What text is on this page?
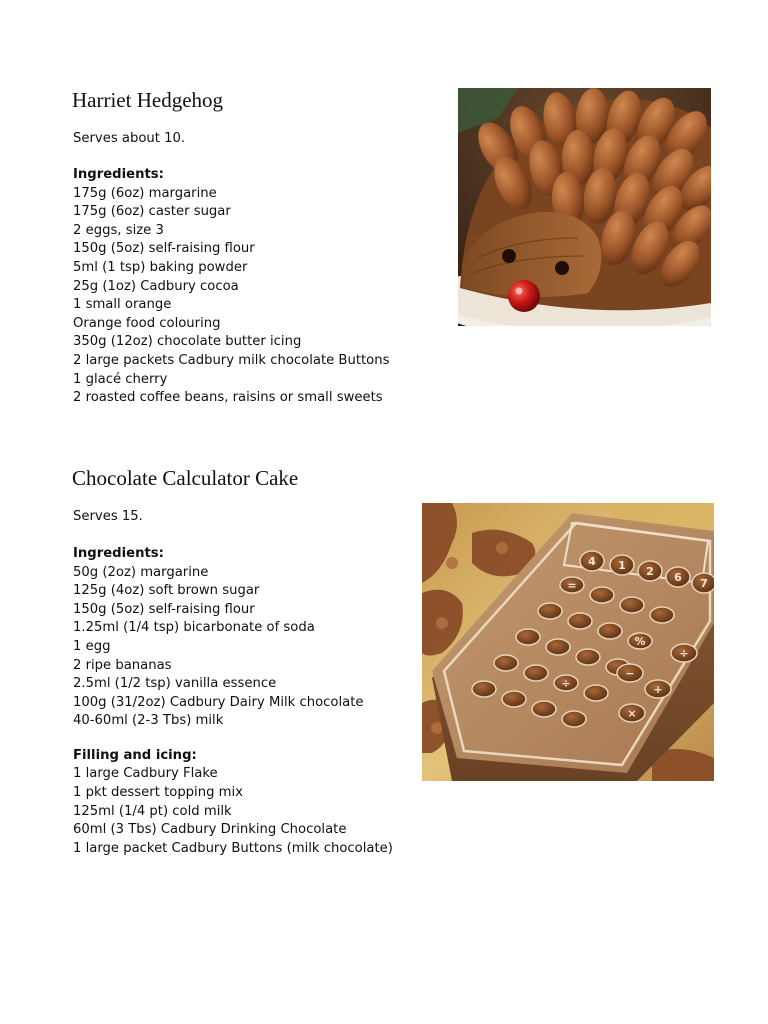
Harriet Hedgehog

Serves about 10.

Ingredients:
175g (6oz) margarine
175g (6oz) caster sugar
2 eggs, size 3
150g (5oz) self-raising flour
5ml (1 tsp) baking powder
25g (1oz) Cadbury cocoa
1 small orange
Orange food colouring
350g (12oz) chocolate butter icing
2 large packets Cadbury milk chocolate Buttons
1 glacé cherry
2 roasted coffee beans, raisins or small sweets
Chocolate Calculator Cake

Serves 15.

Ingredients:
50g (2oz) margarine
125g (4oz) soft brown sugar
150g (5oz) self-raising flour
1.25ml (1/4 tsp) bicarbonate of soda
1 egg
2 ripe bananas
2.5ml (1/2 tsp) vanilla essence
100g (31/2oz) Cadbury Dairy Milk chocolate
40-60ml (2-3 Tbs) milk
Filling and icing:
1 large Cadbury Flake
1 pkt dessert topping mix
125ml (1/4 pt) cold milk
60ml (3 Tbs) Cadbury Drinking Chocolate
1 large packet Cadbury Buttons (milk chocolate)
4 1 2 6 7
=
%
÷
÷
−
+
×
